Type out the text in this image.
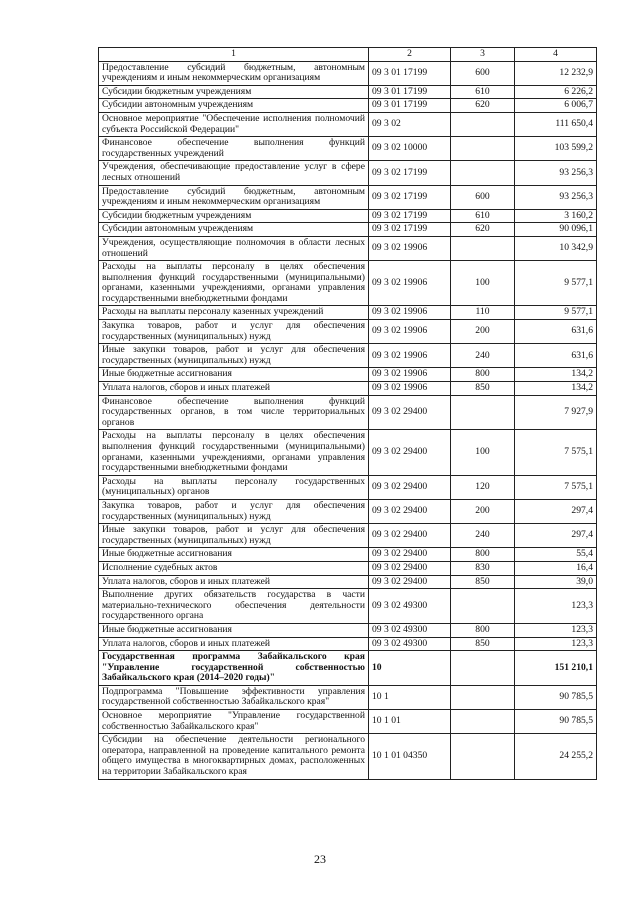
1	2	3	4
Предоставление субсидий бюджетным, автономным учреждениям и иным некоммерческим организациям	09 3 01 17199	600	12 232,9
Субсидии бюджетным учреждениям	09 3 01 17199	610	6 226,2
Субсидии автономным учреждениям	09 3 01 17199	620	6 006,7
Основное мероприятие "Обеспечение исполнения полномочий субъекта Российской Федерации"	09 3 02		111 650,4
Финансовое обеспечение выполнения функций государственных учреждений	09 3 02 10000		103 599,2
Учреждения, обеспечивающие предоставление услуг в сфере лесных отношений	09 3 02 17199		93 256,3
Предоставление субсидий бюджетным, автономным учреждениям и иным некоммерческим организациям	09 3 02 17199	600	93 256,3
Субсидии бюджетным учреждениям	09 3 02 17199	610	3 160,2
Субсидии автономным учреждениям	09 3 02 17199	620	90 096,1
Учреждения, осуществляющие полномочия в области лесных отношений	09 3 02 19906		10 342,9
Расходы на выплаты персоналу в целях обеспечения выполнения функций государственными (муниципальными) органами, казенными учреждениями, органами управления государственными внебюджетными фондами	09 3 02 19906	100	9 577,1
Расходы на выплаты персоналу казенных учреждений	09 3 02 19906	110	9 577,1
Закупка товаров, работ и услуг для обеспечения государственных (муниципальных) нужд	09 3 02 19906	200	631,6
Иные закупки товаров, работ и услуг для обеспечения государственных (муниципальных) нужд	09 3 02 19906	240	631,6
Иные бюджетные ассигнования	09 3 02 19906	800	134,2
Уплата налогов, сборов и иных платежей	09 3 02 19906	850	134,2
Финансовое обеспечение выполнения функций государственных органов, в том числе территориальных органов	09 3 02 29400		7 927,9
Расходы на выплаты персоналу в целях обеспечения выполнения функций государственными (муниципальными) органами, казенными учреждениями, органами управления государственными внебюджетными фондами	09 3 02 29400	100	7 575,1
Расходы на выплаты персоналу государственных (муниципальных) органов	09 3 02 29400	120	7 575,1
Закупка товаров, работ и услуг для обеспечения государственных (муниципальных) нужд	09 3 02 29400	200	297,4
Иные закупки товаров, работ и услуг для обеспечения государственных (муниципальных) нужд	09 3 02 29400	240	297,4
Иные бюджетные ассигнования	09 3 02 29400	800	55,4
Исполнение судебных актов	09 3 02 29400	830	16,4
Уплата налогов, сборов и иных платежей	09 3 02 29400	850	39,0
Выполнение других обязательств государства в части материально-технического обеспечения деятельности государственного органа	09 3 02 49300		123,3
Иные бюджетные ассигнования	09 3 02 49300	800	123,3
Уплата налогов, сборов и иных платежей	09 3 02 49300	850	123,3
Государственная программа Забайкальского края "Управление государственной собственностью Забайкальского края (2014–2020 годы)"	10		151 210,1
Подпрограмма "Повышение эффективности управления государственной собственностью Забайкальского края"	10 1		90 785,5
Основное мероприятие "Управление государственной собственностью Забайкальского края"	10 1 01		90 785,5
Субсидии на обеспечение деятельности регионального оператора, направленной на проведение капитального ремонта общего имущества в многоквартирных домах, расположенных на территории Забайкальского края	10 1 01 04350		24 255,2
23
